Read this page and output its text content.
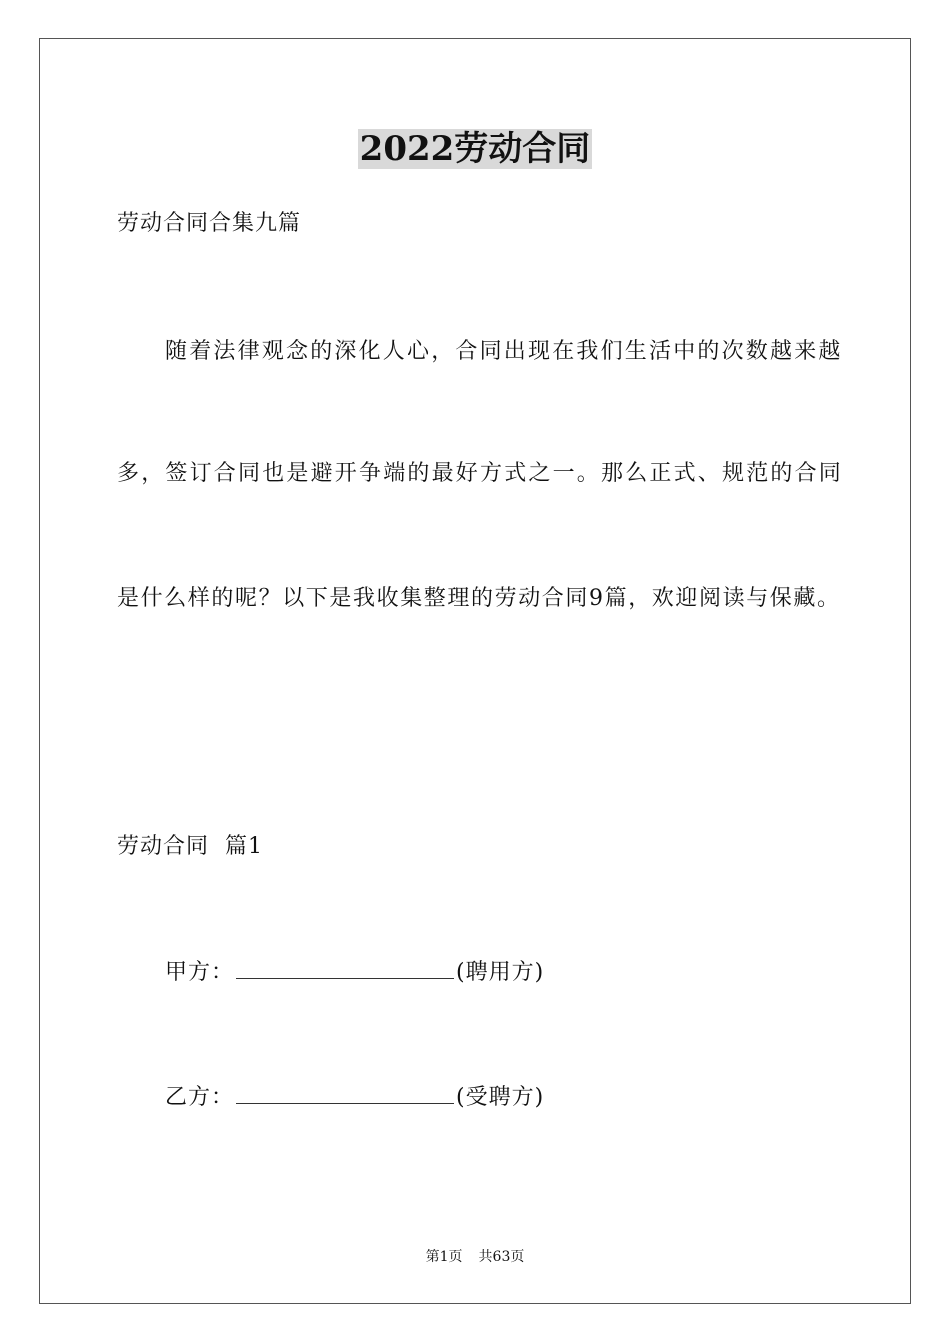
2022劳动合同
劳动合同合集九篇
随着法律观念的深化人心，合同出现在我们生活中的次数越来越
多，签订合同也是避开争端的最好方式之一。那么正式、规范的合同
是什么样的呢？以下是我收集整理的劳动合同9篇，欢迎阅读与保藏。
劳动合同  篇1
甲方：	(聘用方)
乙方：	(受聘方)
第1页 共63页
